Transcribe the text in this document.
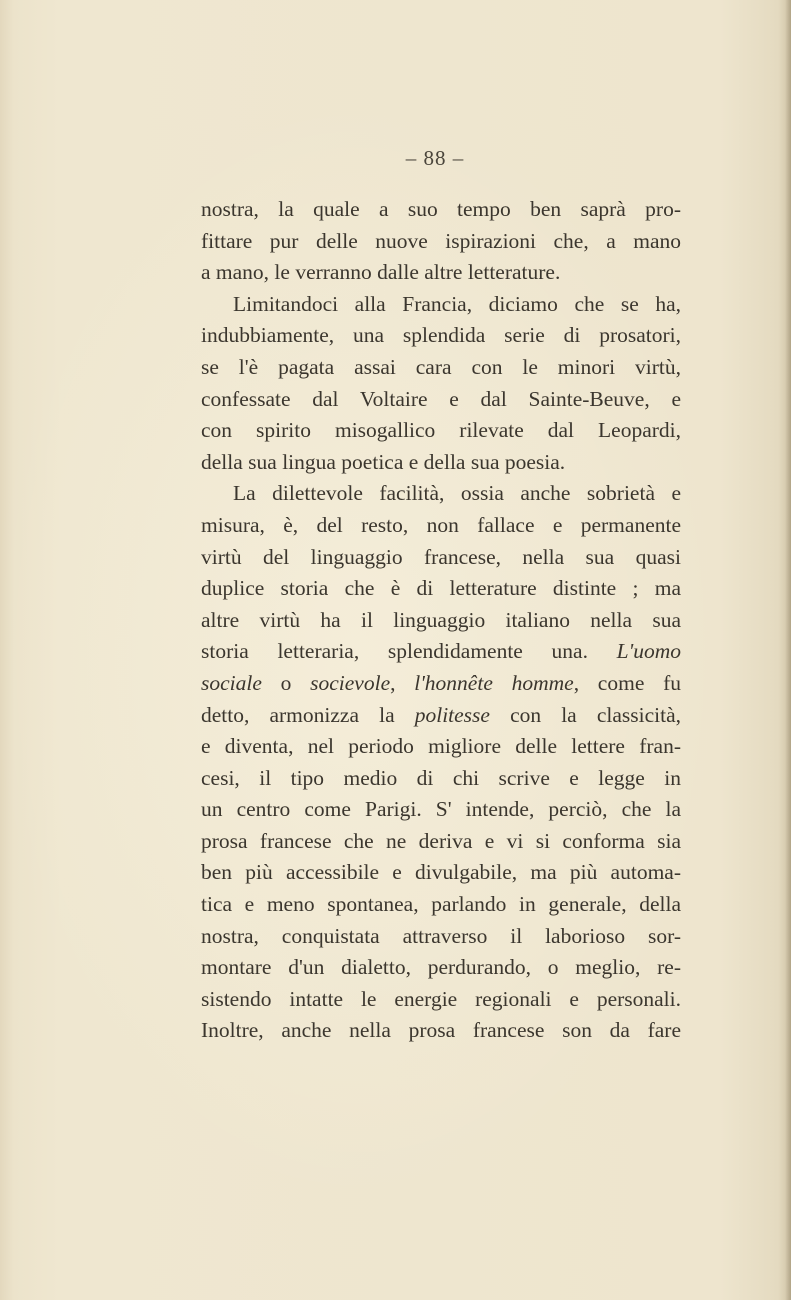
– 88 –
nostra, la quale a suo tempo ben saprà pro-
fittare pur delle nuove ispirazioni che, a mano
a mano, le verranno dalle altre letterature.
Limitandoci alla Francia, diciamo che se ha,
indubbiamente, una splendida serie di prosatori,
se l'è pagata assai cara con le minori virtù,
confessate dal Voltaire e dal Sainte-Beuve, e
con spirito misogallico rilevate dal Leopardi,
della sua lingua poetica e della sua poesia.
La dilettevole facilità, ossia anche sobrietà e
misura, è, del resto, non fallace e permanente
virtù del linguaggio francese, nella sua quasi
duplice storia che è di letterature distinte ; ma
altre virtù ha il linguaggio italiano nella sua
storia letteraria, splendidamente una. L'uomo
sociale o socievole, l'honnête homme, come fu
detto, armonizza la politesse con la classicità,
e diventa, nel periodo migliore delle lettere fran-
cesi, il tipo medio di chi scrive e legge in
un centro come Parigi. S' intende, perciò, che la
prosa francese che ne deriva e vi si conforma sia
ben più accessibile e divulgabile, ma più automa-
tica e meno spontanea, parlando in generale, della
nostra, conquistata attraverso il laborioso sor-
montare d'un dialetto, perdurando, o meglio, re-
sistendo intatte le energie regionali e personali.
Inoltre, anche nella prosa francese son da fare
